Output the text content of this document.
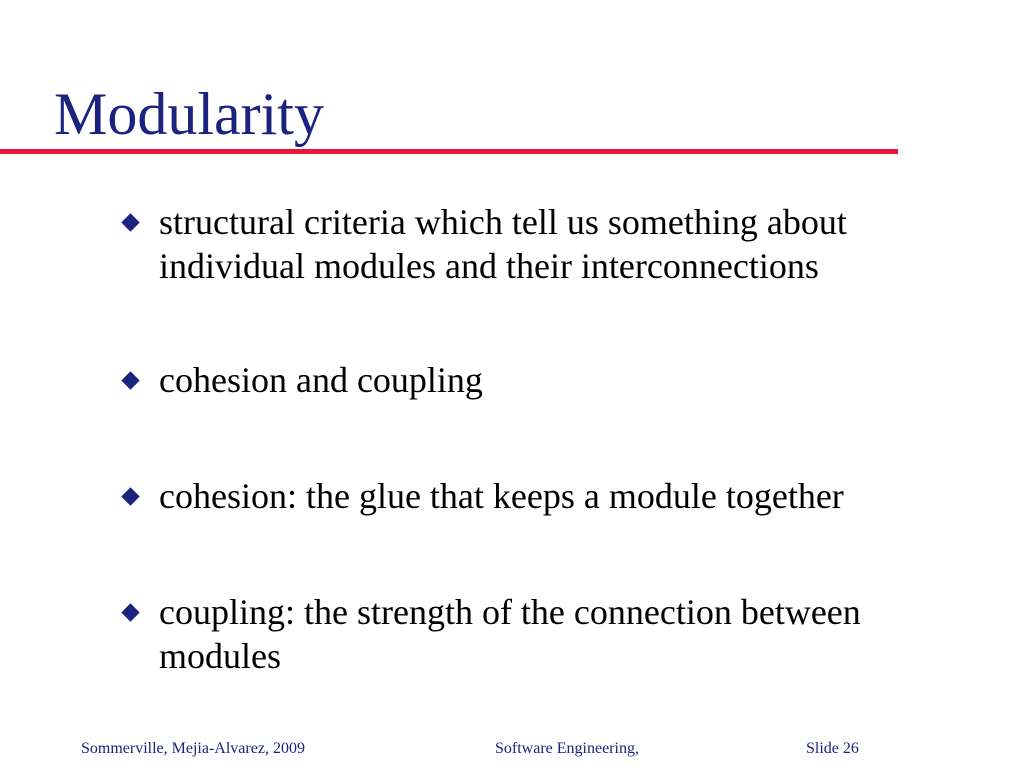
Modularity
structural criteria which tell us something about individual modules and their interconnections
cohesion and coupling
cohesion: the glue that keeps a module together
coupling: the strength of the connection between modules
Sommerville, Mejia-Alvarez, 2009	Software Engineering,	Slide 26
